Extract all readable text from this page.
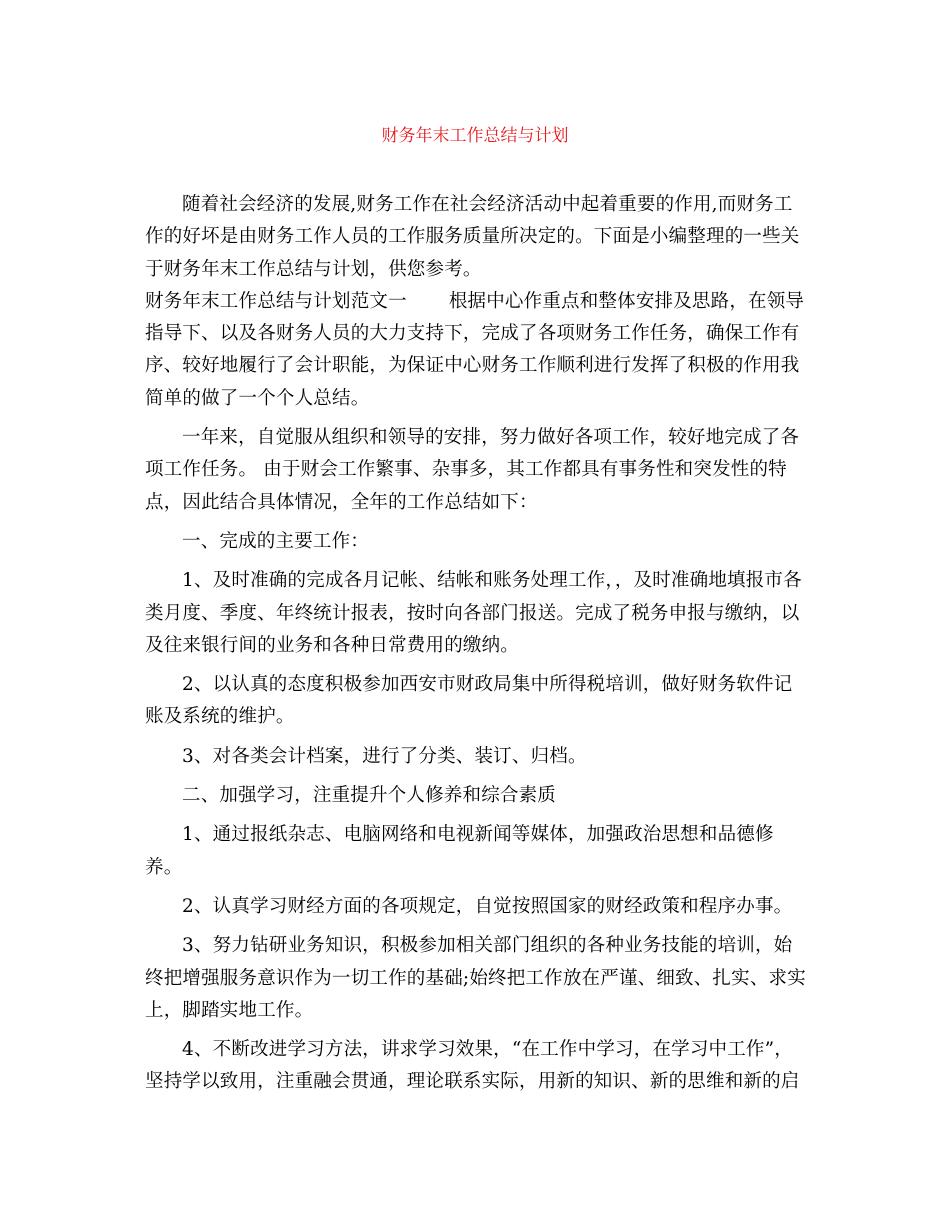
财务年末工作总结与计划

随着社会经济的发展,财务工作在社会经济活动中起着重要的作用,而财务工作的好坏是由财务工作人员的工作服务质量所决定的。下面是小编整理的一些关于财务年末工作总结与计划，供您参考。

财务年末工作总结与计划范文一 根据中心作重点和整体安排及思路，在领导指导下、以及各财务人员的大力支持下，完成了各项财务工作任务，确保工作有序、较好地履行了会计职能，为保证中心财务工作顺利进行发挥了积极的作用我简单的做了一个个人总结。

一年来，自觉服从组织和领导的安排，努力做好各项工作，较好地完成了各项工作任务。 由于财会工作繁事、杂事多，其工作都具有事务性和突发性的特点，因此结合具体情况，全年的工作总结如下：

一、完成的主要工作：

1、及时准确的完成各月记帐、结帐和账务处理工作，，及时准确地填报市各类月度、季度、年终统计报表，按时向各部门报送。完成了税务申报与缴纳，以及往来银行间的业务和各种日常费用的缴纳。

2、以认真的态度积极参加西安市财政局集中所得税培训，做好财务软件记账及系统的维护。

3、对各类会计档案，进行了分类、装订、归档。

二、加强学习，注重提升个人修养和综合素质

1、通过报纸杂志、电脑网络和电视新闻等媒体，加强政治思想和品德修养。

2、认真学习财经方面的各项规定，自觉按照国家的财经政策和程序办事。

3、努力钻研业务知识，积极参加相关部门组织的各种业务技能的培训，始终把增强服务意识作为一切工作的基础;始终把工作放在严谨、细致、扎实、求实上，脚踏实地工作。

4、不断改进学习方法，讲求学习效果，“在工作中学习，在学习中工作”，坚持学以致用，注重融会贯通，理论联系实际，用新的知识、新的思维和新的启
